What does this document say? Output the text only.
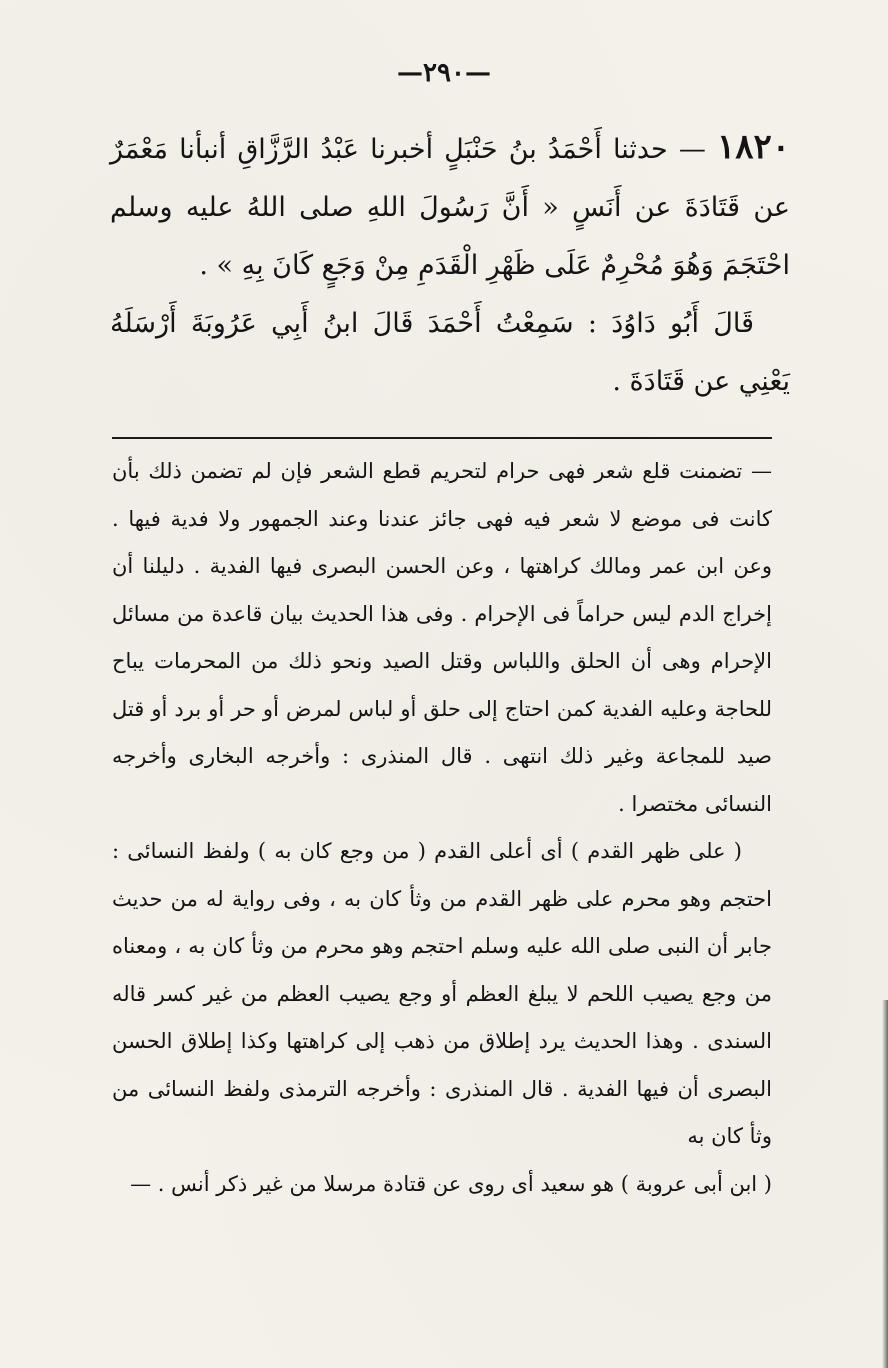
—٢٩٠—

١٨٢٠ — حدثنا أَحْمَدُ بنُ حَنْبَلٍ أخبرنا عَبْدُ الرَّزَّاقِ أنبأنا مَعْمَرٌ عن قَتَادَةَ عن أَنَسٍ « أَنَّ رَسُولَ اللهِ صلى اللهُ عليه وسلم احْتَجَمَ وَهُوَ مُحْرِمٌ عَلَى ظَهْرِ الْقَدَمِ مِنْ وَجَعٍ كَانَ بِهِ » .

قَالَ أَبُو دَاوُدَ : سَمِعْتُ أَحْمَدَ قَالَ ابنُ أَبِي عَرُوبَةَ أَرْسَلَهُ يَعْنِي عن قَتَادَةَ .

— تضمنت قلع شعر فهى حرام لتحريم قطع الشعر فإن لم تضمن ذلك بأن كانت فى موضع لا شعر فيه فهى جائز عندنا وعند الجمهور ولا فدية فيها . وعن ابن عمر ومالك كراهتها ، وعن الحسن البصرى فيها الفدية . دليلنا أن إخراج الدم ليس حراماً فى الإحرام . وفى هذا الحديث بيان قاعدة من مسائل الإحرام وهى أن الحلق واللباس وقتل الصيد ونحو ذلك من المحرمات يباح للحاجة وعليه الفدية كمن احتاج إلى حلق أو لباس لمرض أو حر أو برد أو قتل صيد للمجاعة وغير ذلك انتهى . قال المنذرى : وأخرجه البخارى وأخرجه النسائى مختصرا .

( على ظهر القدم ) أى أعلى القدم ( من وجع كان به ) ولفظ النسائى : احتجم وهو محرم على ظهر القدم من وثأ كان به ، وفى رواية له من حديث جابر أن النبى صلى الله عليه وسلم احتجم وهو محرم من وثأ كان به ، ومعناه من وجع يصيب اللحم لا يبلغ العظم أو وجع يصيب العظم من غير كسر قاله السندى . وهذا الحديث يرد إطلاق من ذهب إلى كراهتها وكذا إطلاق الحسن البصرى أن فيها الفدية . قال المنذرى : وأخرجه الترمذى ولفظ النسائى من وثأ كان به

( ابن أبى عروبة ) هو سعيد أى روى عن قتادة مرسلا من غير ذكر أنس . —
